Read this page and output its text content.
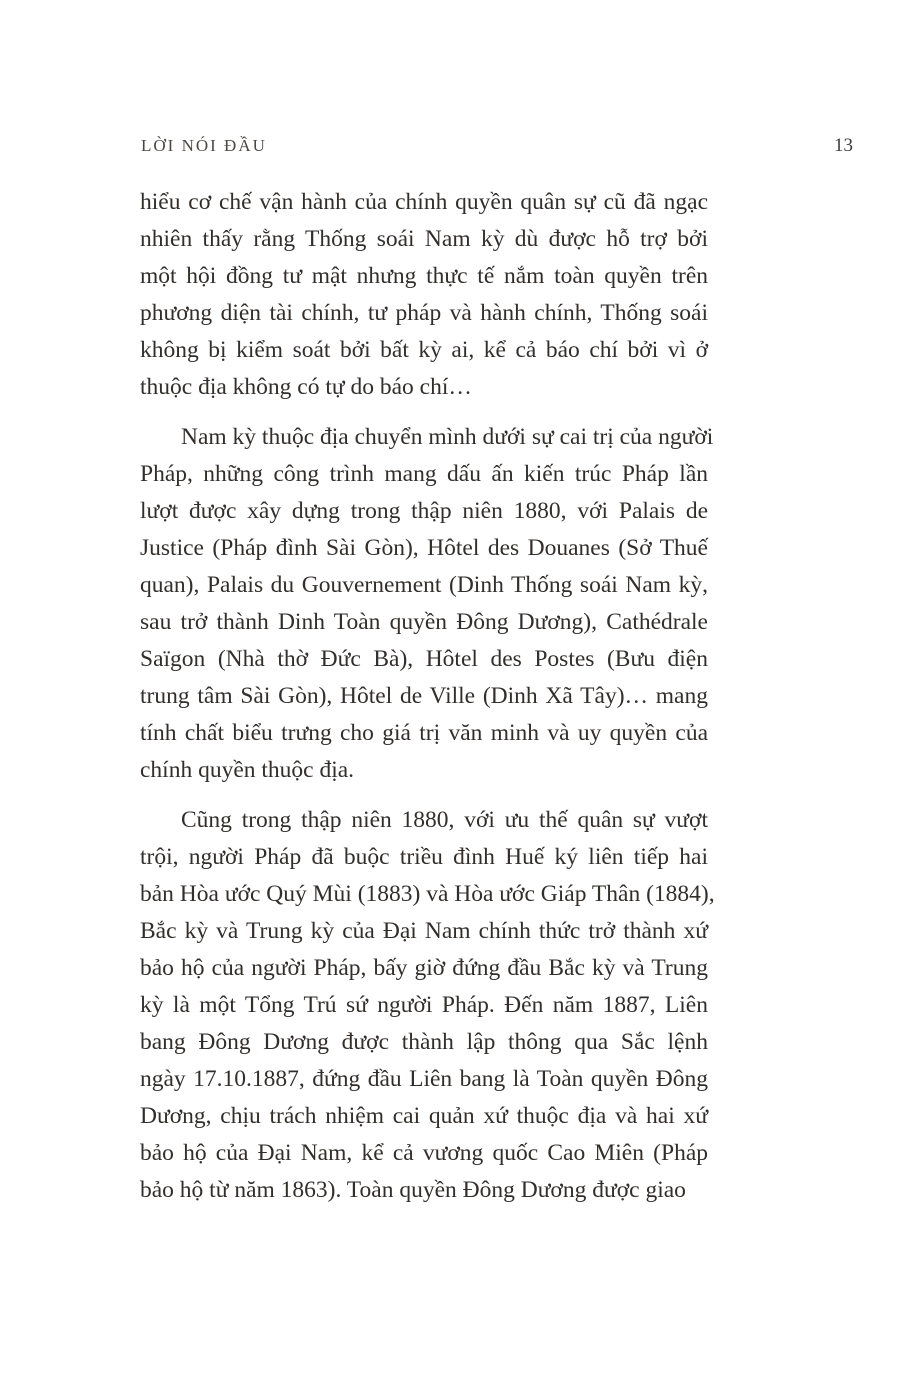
LỜI NÓI ĐẦU	13
hiểu cơ chế vận hành của chính quyền quân sự cũ đã ngạc
nhiên thấy rằng Thống soái Nam kỳ dù được hỗ trợ bởi
một hội đồng tư mật nhưng thực tế nắm toàn quyền trên
phương diện tài chính, tư pháp và hành chính, Thống soái
không bị kiểm soát bởi bất kỳ ai, kể cả báo chí bởi vì ở
thuộc địa không có tự do báo chí…
Nam kỳ thuộc địa chuyển mình dưới sự cai trị của người
Pháp, những công trình mang dấu ấn kiến trúc Pháp lần
lượt được xây dựng trong thập niên 1880, với Palais de
Justice (Pháp đình Sài Gòn), Hôtel des Douanes (Sở Thuế
quan), Palais du Gouvernement (Dinh Thống soái Nam kỳ,
sau trở thành Dinh Toàn quyền Đông Dương), Cathédrale
Saïgon (Nhà thờ Đức Bà), Hôtel des Postes (Bưu điện
trung tâm Sài Gòn), Hôtel de Ville (Dinh Xã Tây)… mang
tính chất biểu trưng cho giá trị văn minh và uy quyền của
chính quyền thuộc địa.
Cũng trong thập niên 1880, với ưu thế quân sự vượt
trội, người Pháp đã buộc triều đình Huế ký liên tiếp hai
bản Hòa ước Quý Mùi (1883) và Hòa ước Giáp Thân (1884),
Bắc kỳ và Trung kỳ của Đại Nam chính thức trở thành xứ
bảo hộ của người Pháp, bấy giờ đứng đầu Bắc kỳ và Trung
kỳ là một Tổng Trú sứ người Pháp. Đến năm 1887, Liên
bang Đông Dương được thành lập thông qua Sắc lệnh
ngày 17.10.1887, đứng đầu Liên bang là Toàn quyền Đông
Dương, chịu trách nhiệm cai quản xứ thuộc địa và hai xứ
bảo hộ của Đại Nam, kể cả vương quốc Cao Miên (Pháp
bảo hộ từ năm 1863). Toàn quyền Đông Dương được giao
